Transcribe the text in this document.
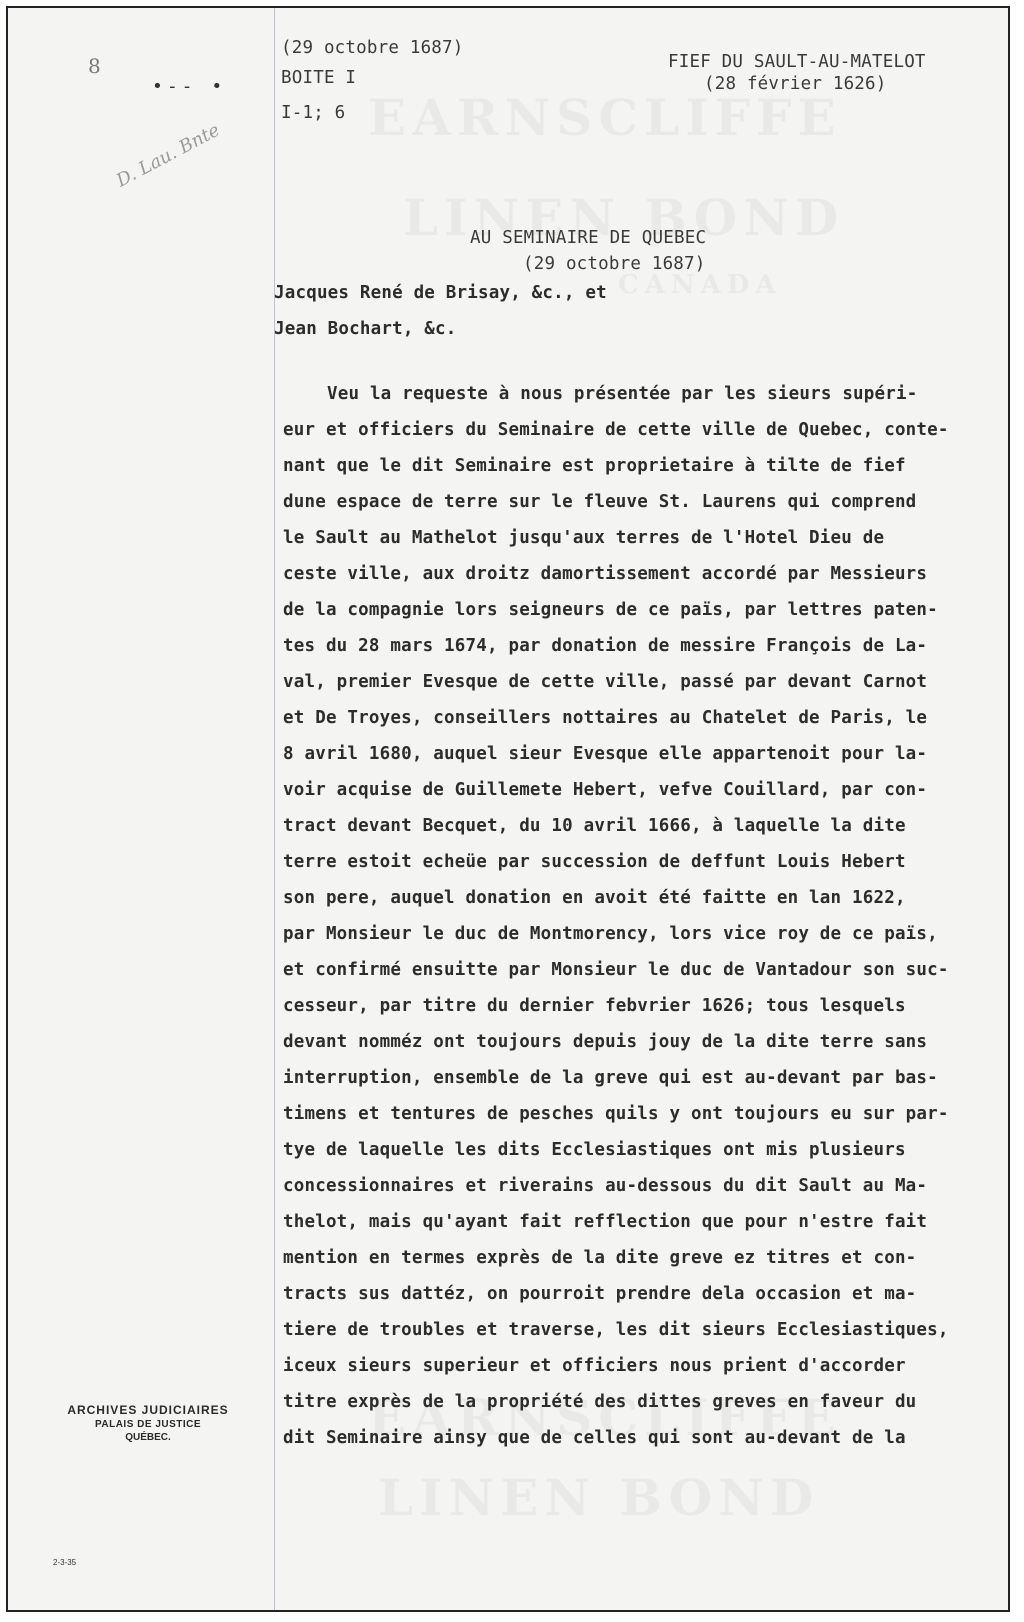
8
•-- •
D. Lau. Bnte
(29 octobre 1687)
BOITE I
I-1; 6
FIEF DU SAULT-AU-MATELOT
(28 février 1626)
AU SEMINAIRE DE QUEBEC
(29 octobre 1687)
Jacques René de Brisay, &c., et
Jean Bochart, &c.
Veu la requeste à nous présentée par les sieurs supéri-
eur et officiers du Seminaire de cette ville de Quebec, conte-
nant que le dit Seminaire est proprietaire à tilte de fief
dune espace de terre sur le fleuve St. Laurens qui comprend
le Sault au Mathelot jusqu'aux terres de l'Hotel Dieu de
ceste ville, aux droitz damortissement accordé par Messieurs
de la compagnie lors seigneurs de ce païs, par lettres paten-
tes du 28 mars 1674, par donation de messire François de La-
val, premier Evesque de cette ville, passé par devant Carnot
et De Troyes, conseillers nottaires au Chatelet de Paris, le
8 avril 1680, auquel sieur Evesque elle appartenoit pour la-
voir acquise de Guillemete Hebert, vefve Couillard, par con-
tract devant Becquet, du 10 avril 1666, à laquelle la dite
terre estoit echeüe par succession de deffunt Louis Hebert
son pere, auquel donation en avoit été faitte en lan 1622,
par Monsieur le duc de Montmorency, lors vice roy de ce païs,
et confirmé ensuitte par Monsieur le duc de Vantadour son suc-
cesseur, par titre du dernier febvrier 1626; tous lesquels
devant nomméz ont toujours depuis jouy de la dite terre sans
interruption, ensemble de la greve qui est au-devant par bas-
timens et tentures de pesches quils y ont toujours eu sur par-
tye de laquelle les dits Ecclesiastiques ont mis plusieurs
concessionnaires et riverains au-dessous du dit Sault au Ma-
thelot, mais qu'ayant fait refflection que pour n'estre fait
mention en termes exprès de la dite greve ez titres et con-
tracts sus dattéz, on pourroit prendre dela occasion et ma-
tiere de troubles et traverse, les dit sieurs Ecclesiastiques,
iceux sieurs superieur et officiers nous prient d'accorder
titre exprès de la propriété des dittes greves en faveur du
dit Seminaire ainsy que de celles qui sont au-devant de la
ARCHIVES JUDICIAIRES
PALAIS DE JUSTICE
QUÉBEC.
2-3-35
